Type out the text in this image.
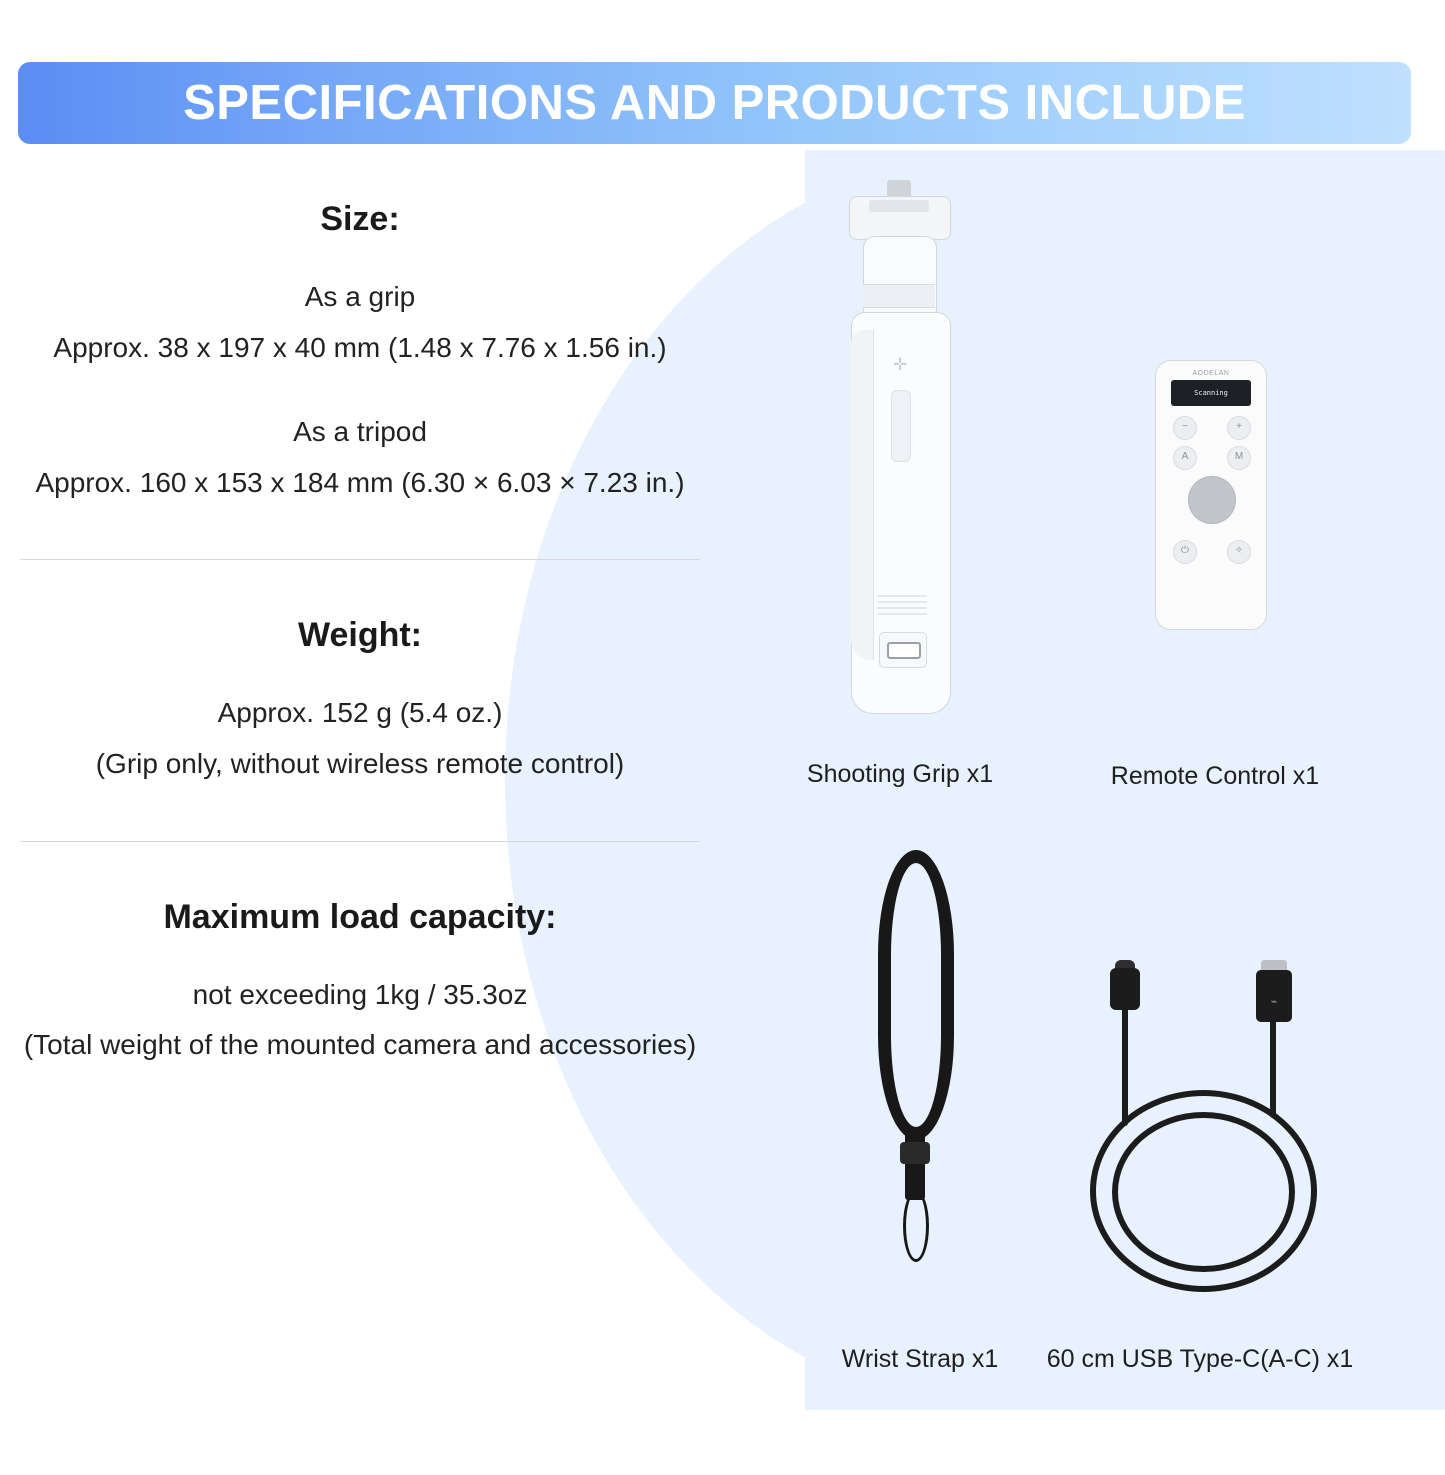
SPECIFICATIONS AND PRODUCTS INCLUDE
Size:
As a grip
Approx. 38 x 197 x 40 mm (1.48 x 7.76 x 1.56 in.)
As a tripod
Approx. 160 x 153 x 184 mm (6.30 × 6.03 × 7.23 in.)
Weight:
Approx. 152 g (5.4 oz.)
(Grip only, without wireless remote control)
Maximum load capacity:
not exceeding 1kg / 35.3oz
(Total weight of the mounted camera and accessories)
✛
Shooting Grip x1
AODELAN
Scanning
−	+
A	M
⏻	✧
Remote Control x1
Wrist Strap x1
⌁
60 cm USB Type-C(A-C) x1
